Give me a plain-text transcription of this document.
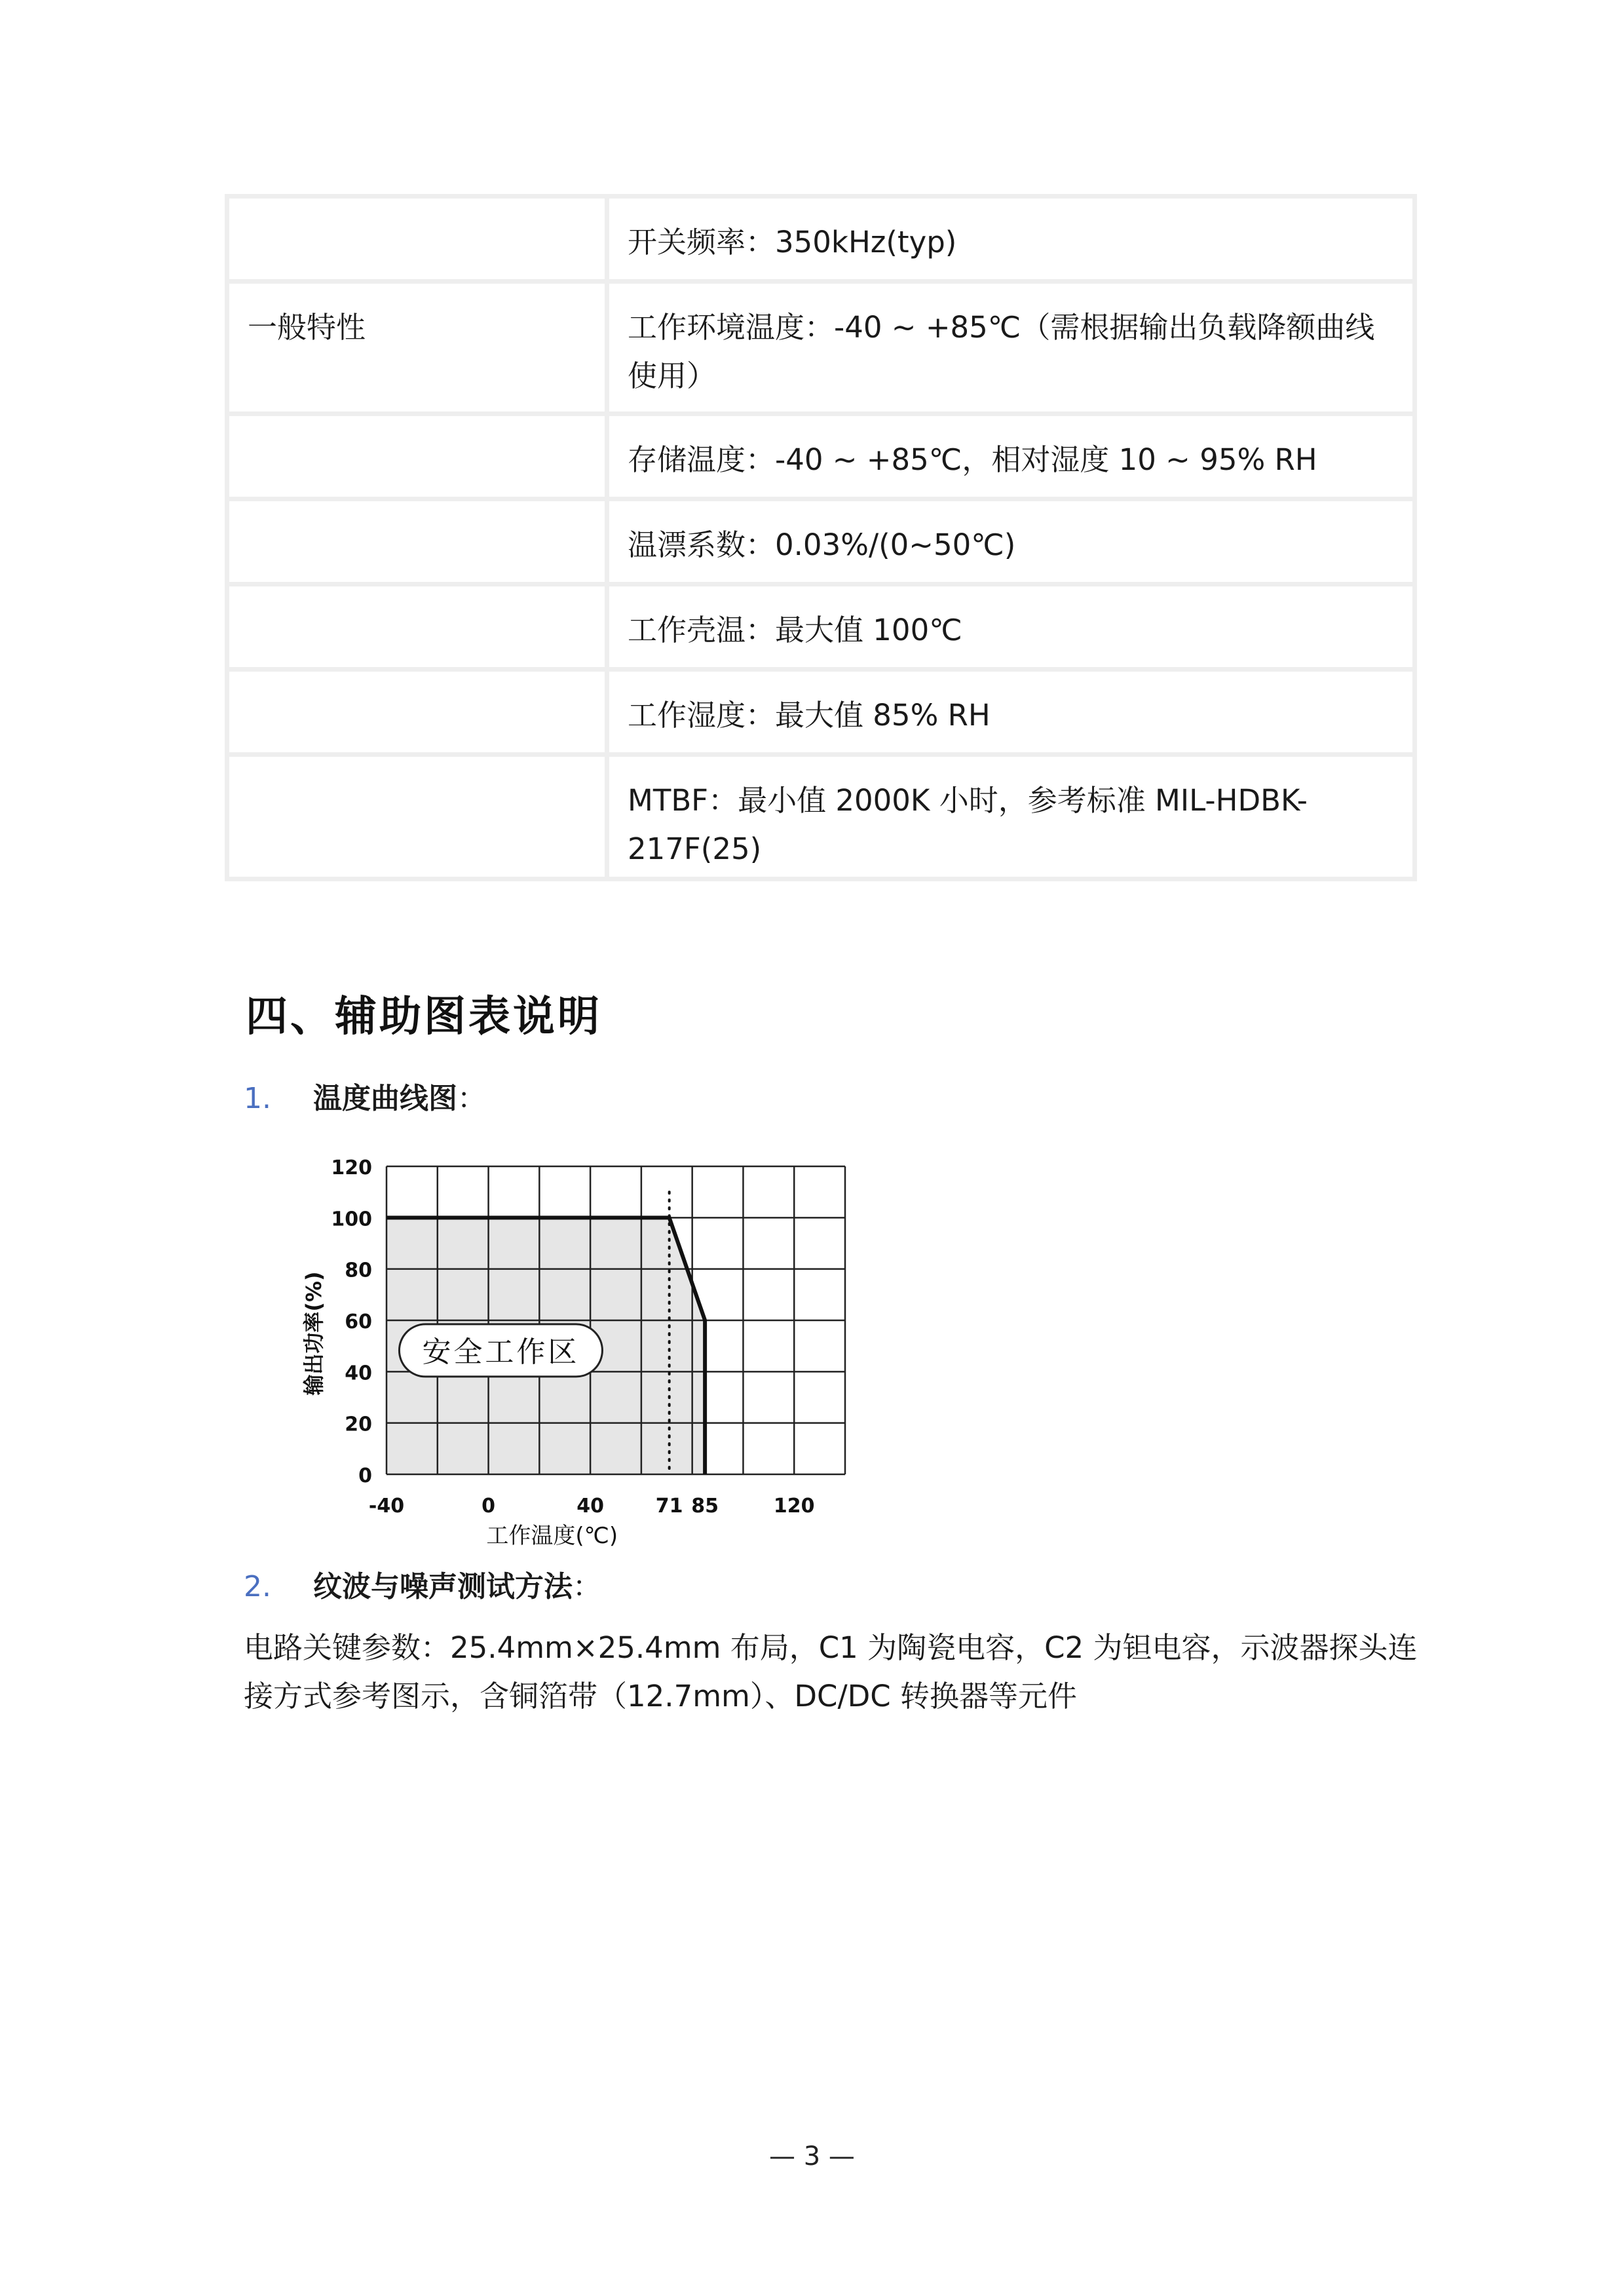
	开关频率：350kHz(typ)
一般特性	工作环境温度：-40 ~ +85℃（需根据输出负载降额曲线使用）
	存储温度：-40 ~ +85℃，相对湿度 10 ~ 95% RH
	温漂系数：0.03%/(0~50℃)
	工作壳温：最大值 100℃
	工作湿度：最大值 85% RH
	MTBF：最小值 2000K 小时，参考标准 MIL-HDBK-217F(25)
四、辅助图表说明
1. 温度曲线图：
0
20
40
60
80
100
120
-40	0	40	71 85	120
工作温度(℃)
输出功率(%)	安全工作区
2. 纹波与噪声测试方法：
电路关键参数：25.4mm×25.4mm 布局，C1 为陶瓷电容，C2 为钽电容，示波器探头连接方式参考图示，含铜箔带（12.7mm）、DC/DC 转换器等元件
— 3 —
